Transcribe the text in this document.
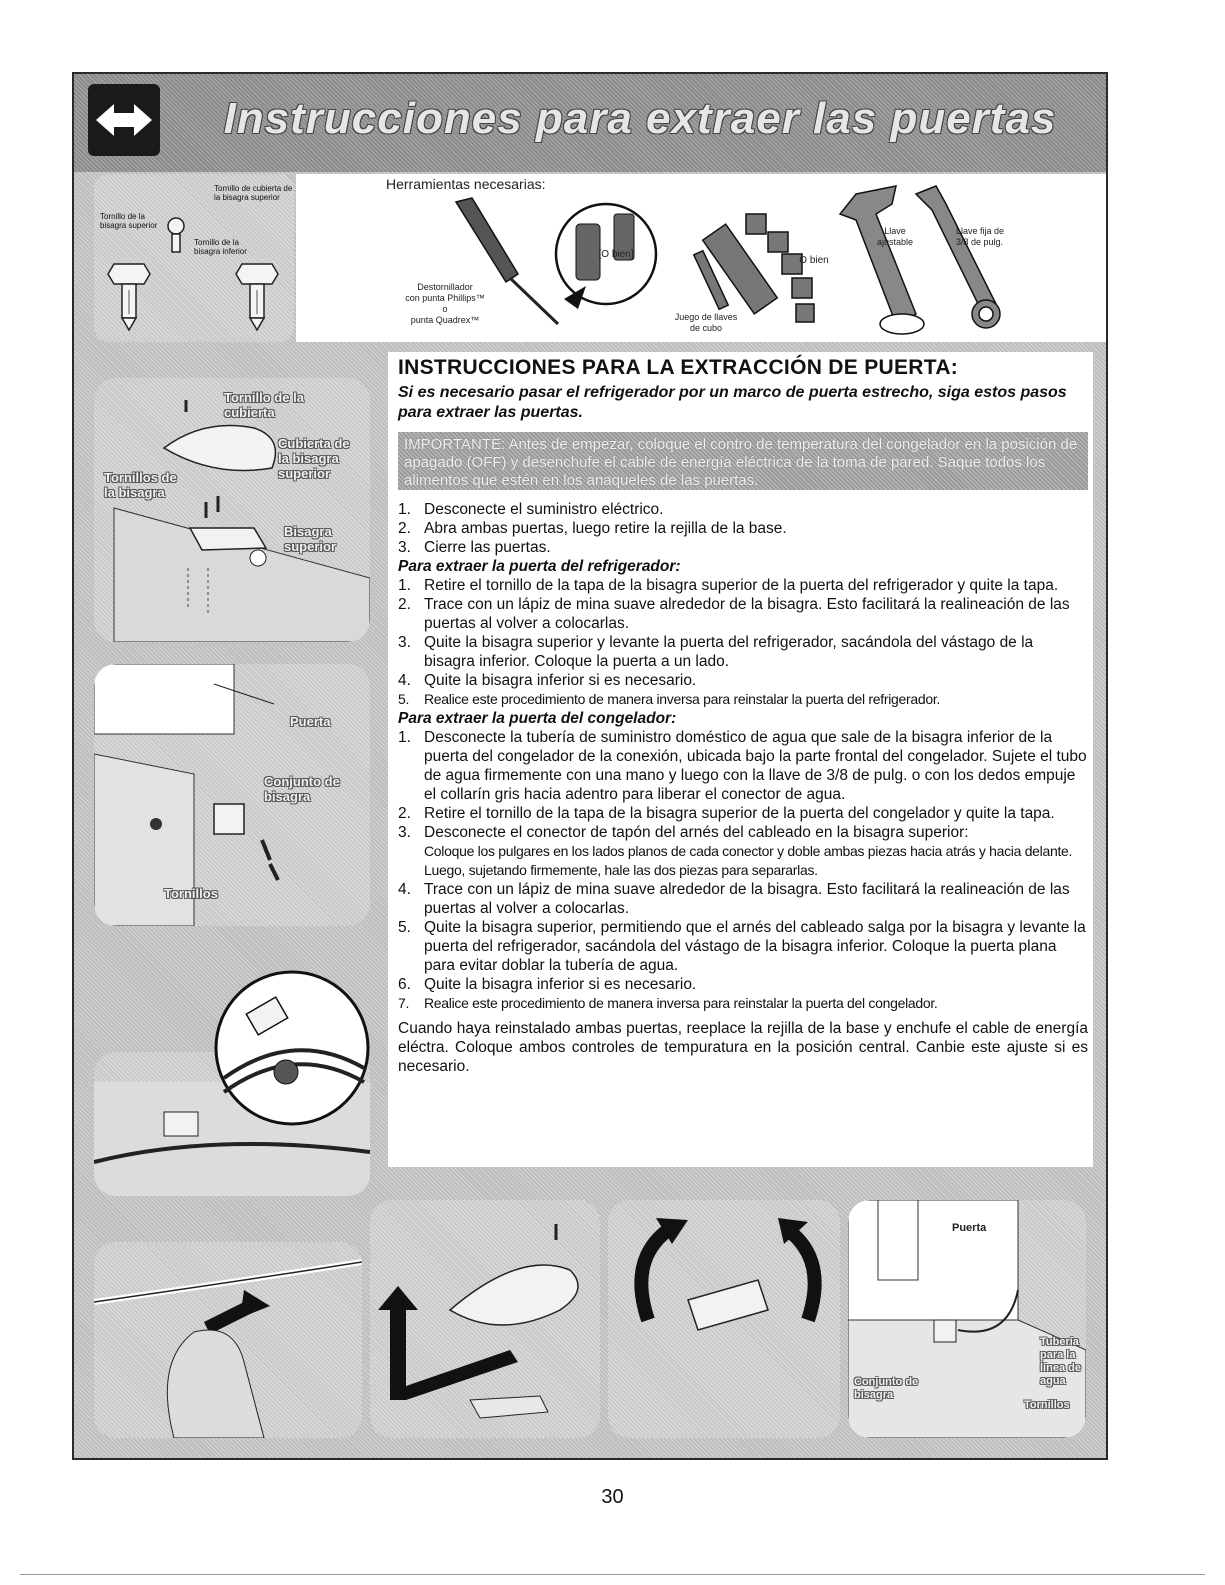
Instrucciones para extraer las puertas
Tornillo de cubierta de la bisagra superior
Tornillo de la bisagra superior
Tornillo de la bisagra inferior
Herramientas necesarias:
Destornillador
con punta Phillips™
o
punta Quadrex™
[O bien]
Juego de llaves
de cubo
O bien
Llave
ajustable
Llave fija de
3/8 de pulg.
Tornillo de la cubierta
Cubierta de la bisagra superior
Tornillos de la bisagra
Bisagra superior
Puerta
Conjunto de bisagra
Tornillos
INSTRUCCIONES PARA LA EXTRACCIÓN DE PUERTA:
Si es necesario pasar el refrigerador por un marco de puerta estrecho, siga estos pasos para extraer las puertas.
IMPORTANTE: Antes de empezar, coloque el contro de temperatura del congelador en la posición de apagado (OFF) y desenchufe el cable de energía eléctrica de la toma de pared. Saque todos los alimentos que estén en los anaqueles de las puertas.
1. Desconecte el suministro eléctrico.
2. Abra ambas puertas, luego retire la rejilla de la base.
3. Cierre las puertas.
Para extraer la puerta del refrigerador:
1. Retire el tornillo de la tapa de la bisagra superior de la puerta del refrigerador y quite la tapa.
2. Trace con un lápiz de mina suave alrededor de la bisagra. Esto facilitará la realineación de las puertas al volver a colocarlas.
3. Quite la bisagra superior y levante la puerta del refrigerador, sacándola del vástago de la bisagra inferior. Coloque la puerta a un lado.
4. Quite la bisagra inferior si es necesario.
5.	Realice este procedimiento de manera inversa para reinstalar la puerta del refrigerador.
Para extraer la puerta del congelador:
1. Desconecte la tubería de suministro doméstico de agua que sale de la bisagra inferior de la puerta del congelador de la conexión, ubicada bajo la parte frontal del congelador. Sujete el tubo de agua firmemente con una mano y luego con la llave de 3/8 de pulg. o con los dedos empuje el collarín gris hacia adentro para liberar el conector de agua.
2. Retire el tornillo de la tapa de la bisagra superior de la puerta del congelador y quite la tapa.
3. Desconecte el conector de tapón del arnés del cableado en la bisagra superior:
Coloque los pulgares en los lados planos de cada conector y doble ambas piezas hacia atrás y hacia delante. Luego, sujetando firmemente, hale las dos piezas para separarlas.
4. Trace con un lápiz de mina suave alrededor de la bisagra. Esto facilitará la realineación de las puertas al volver a colocarlas.
5. Quite la bisagra superior, permitiendo que el arnés del cableado salga por la bisagra y levante la puerta del refrigerador, sacándola del vástago de la bisagra inferior. Coloque la puerta plana para evitar doblar la tubería de agua.
6. Quite la bisagra inferior si es necesario.
7.	Realice este procedimiento de manera inversa para reinstalar la puerta del congelador.
Cuando haya reinstalado ambas puertas, reeplace la rejilla de la base y enchufe el cable de energía eléctra. Coloque ambos controles de tempuratura en la posición central. Canbie este ajuste si es necesario.
Puerta
Tubería para la línea de agua
Conjunto de bisagra
Tornillos
30
